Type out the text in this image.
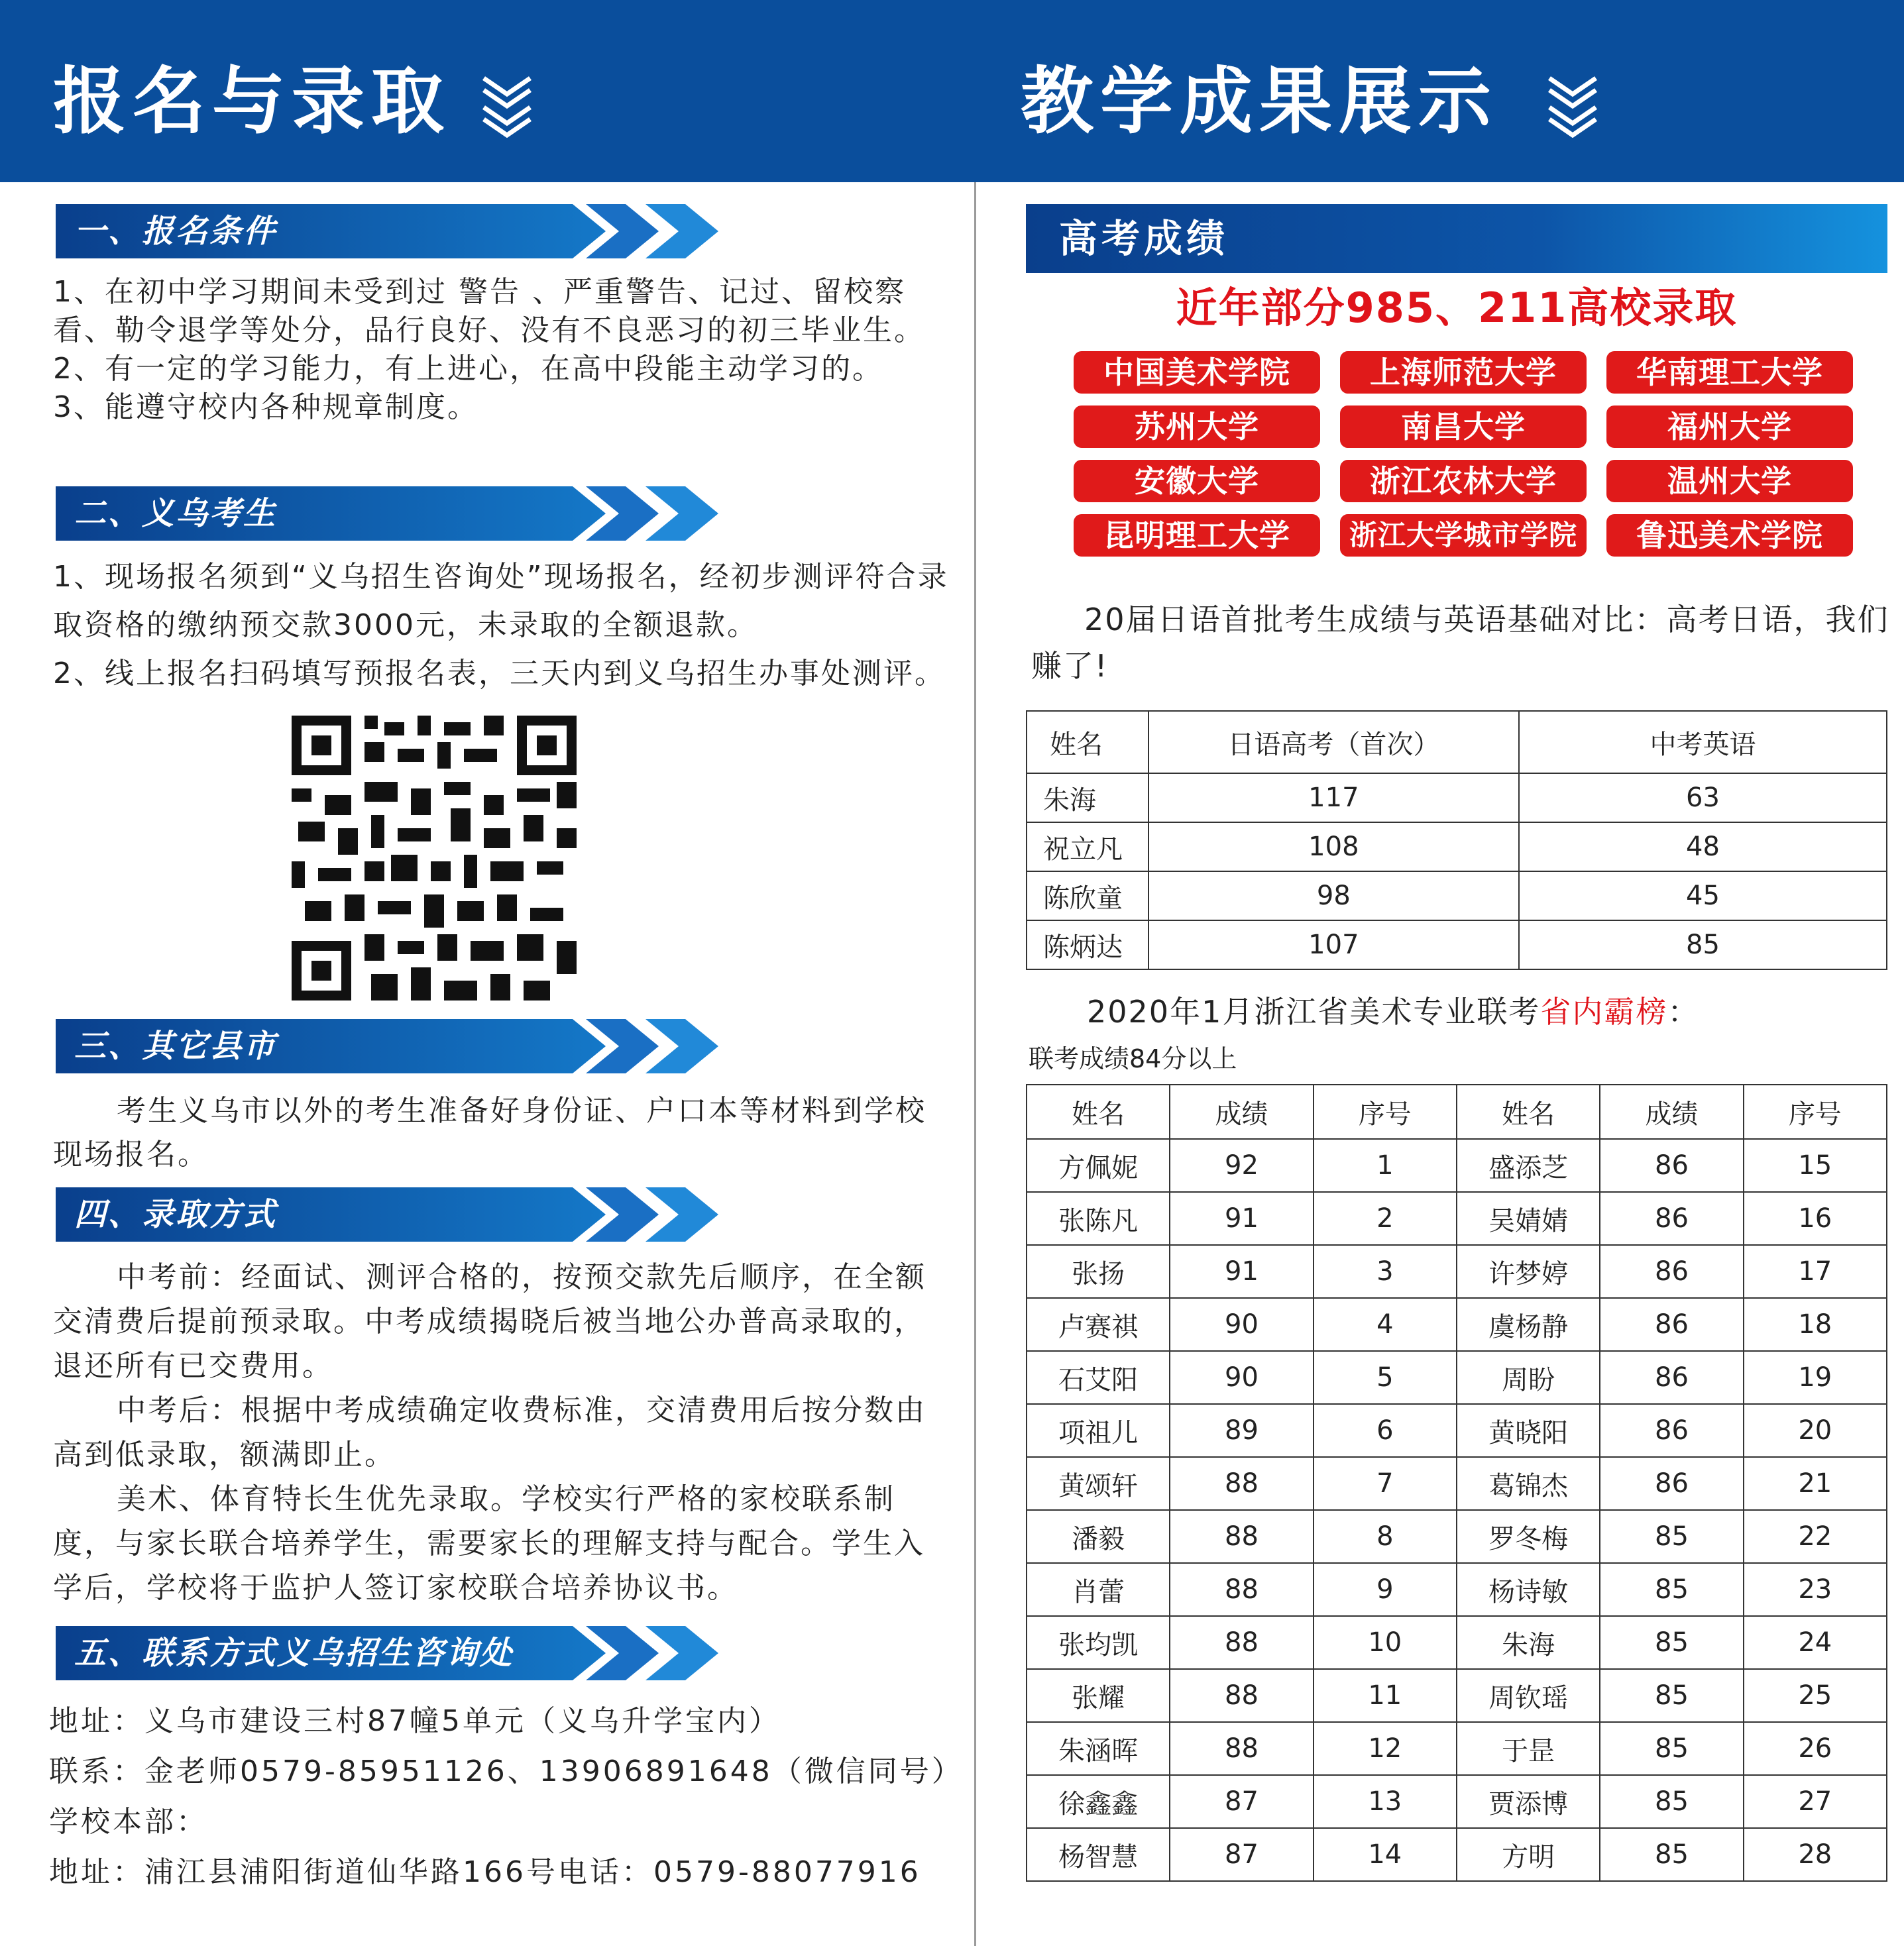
报名与录取	教学成果展示
一、报名条件

1、在初中学习期间未受到过 警告 、严重警告、记过、留校察看、勒令退学等处分，品行良好、没有不良恶习的初三毕业生。

2、有一定的学习能力，有上进心，在高中段能主动学习的。

3、能遵守校内各种规章制度。

二、义乌考生

1、现场报名须到“义乌招生咨询处”现场报名，经初步测评符合录取资格的缴纳预交款3000元，未录取的全额退款。

2、线上报名扫码填写预报名表，三天内到义乌招生办事处测评。

三、其它县市

考生义乌市以外的考生准备好身份证、户口本等材料到学校现场报名。

四、录取方式

中考前：经面试、测评合格的，按预交款先后顺序，在全额交清费后提前预录取。中考成绩揭晓后被当地公办普高录取的，退还所有已交费用。

中考后：根据中考成绩确定收费标准，交清费用后按分数由高到低录取，额满即止。

美术、体育特长生优先录取。学校实行严格的家校联系制度，与家长联合培养学生，需要家长的理解支持与配合。学生入学后，学校将于监护人签订家校联合培养协议书。

五、联系方式义乌招生咨询处
地址：义乌市建设三村87幢5单元（义乌升学宝内）
联系：金老师0579-85951126、13906891648（微信同号）
学校本部：
地址：浦江县浦阳街道仙华路166号电话：0579-88077916
高考成绩
近年部分985、211高校录取
中国美术学院	上海师范大学	华南理工大学
苏州大学	南昌大学	福州大学
安徽大学	浙江农林大学	温州大学
昆明理工大学	浙江大学城市学院	鲁迅美术学院

20届日语首批考生成绩与英语基础对比：高考日语，我们赚了!

姓名	日语高考（首次）	中考英语
朱海	117	63
祝立凡	108	48
陈欣童	98	45
陈炳达	107	85
2020年1月浙江省美术专业联考省内霸榜：
联考成绩84分以上
姓名	成绩	序号	姓名	成绩	序号
方佩妮	92	1	盛添芝	86	15
张陈凡	91	2	吴婧婧	86	16
张扬	91	3	许梦婷	86	17
卢赛祺	90	4	虞杨静	86	18
石艾阳	90	5	周盼	86	19
项祖儿	89	6	黄晓阳	86	20
黄颂轩	88	7	葛锦杰	86	21
潘毅	88	8	罗冬梅	85	22
肖蕾	88	9	杨诗敏	85	23
张均凯	88	10	朱海	85	24
张耀	88	11	周钦瑶	85	25
朱涵晖	88	12	于昰	85	26
徐鑫鑫	87	13	贾添博	85	27
杨智慧	87	14	方明	85	28
